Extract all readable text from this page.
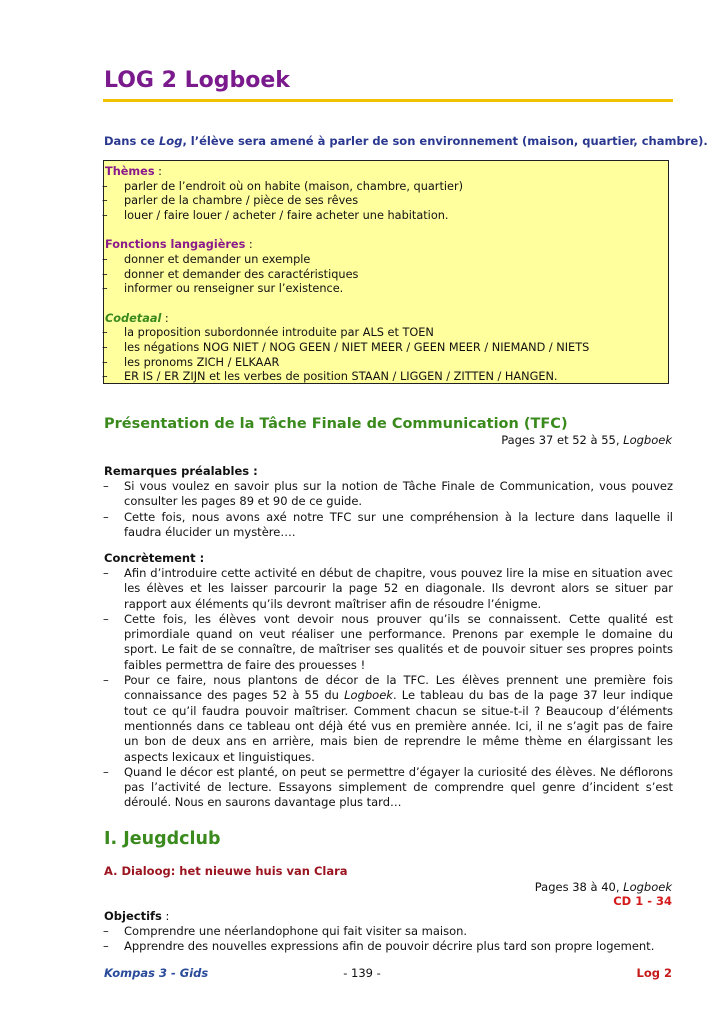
LOG 2 Logboek
Dans ce Log, l’élève sera amené à parler de son environnement (maison, quartier, chambre).
Thèmes :
– parler de l’endroit où on habite (maison, chambre, quartier)
– parler de la chambre / pièce de ses rêves
– louer / faire louer / acheter / faire acheter une habitation.
Fonctions langagières :
– donner et demander un exemple
– donner et demander des caractéristiques
– informer ou renseigner sur l’existence.
Codetaal :
– la proposition subordonnée introduite par ALS et TOEN
– les négations NOG NIET / NOG GEEN / NIET MEER / GEEN MEER / NIEMAND / NIETS
– les pronoms ZICH / ELKAAR
– ER IS / ER ZIJN et les verbes de position STAAN / LIGGEN / ZITTEN / HANGEN.
Présentation de la Tâche Finale de Communication (TFC)
Pages 37 et 52 à 55, Logboek
Remarques préalables :
– Si vous voulez en savoir plus sur la notion de Tâche Finale de Communication, vous pouvez consulter les pages 89 et 90 de ce guide.
– Cette fois, nous avons axé notre TFC sur une compréhension à la lecture dans laquelle il faudra élucider un mystère….
Concrètement :
– Afin d’introduire cette activité en début de chapitre, vous pouvez lire la mise en situation avec les élèves et les laisser parcourir la page 52 en diagonale. Ils devront alors se situer par rapport aux éléments qu’ils devront maîtriser afin de résoudre l’énigme.
– Cette fois, les élèves vont devoir nous prouver qu’ils se connaissent. Cette qualité est primordiale quand on veut réaliser une performance. Prenons par exemple le domaine du sport. Le fait de se connaître, de maîtriser ses qualités et de pouvoir situer ses propres points faibles permettra de faire des prouesses !
– Pour ce faire, nous plantons de décor de la TFC. Les élèves prennent une première fois connaissance des pages 52 à 55 du Logboek. Le tableau du bas de la page 37 leur indique tout ce qu’il faudra pouvoir maîtriser. Comment chacun se situe-t-il ? Beaucoup d’éléments mentionnés dans ce tableau ont déjà été vus en première année. Ici, il ne s’agit pas de faire un bon de deux ans en arrière, mais bien de reprendre le même thème en élargissant les aspects lexicaux et linguistiques.
– Quand le décor est planté, on peut se permettre d’égayer la curiosité des élèves. Ne déflorons pas l’activité de lecture. Essayons simplement de comprendre quel genre d’incident s’est déroulé. Nous en saurons davantage plus tard…
I. Jeugdclub
A. Dialoog: het nieuwe huis van Clara
Pages 38 à 40, Logboek
CD 1 - 34
Objectifs :
– Comprendre une néerlandophone qui fait visiter sa maison.
– Apprendre des nouvelles expressions afin de pouvoir décrire plus tard son propre logement.
- 139 -
Kompas 3 - Gids	Log 2
